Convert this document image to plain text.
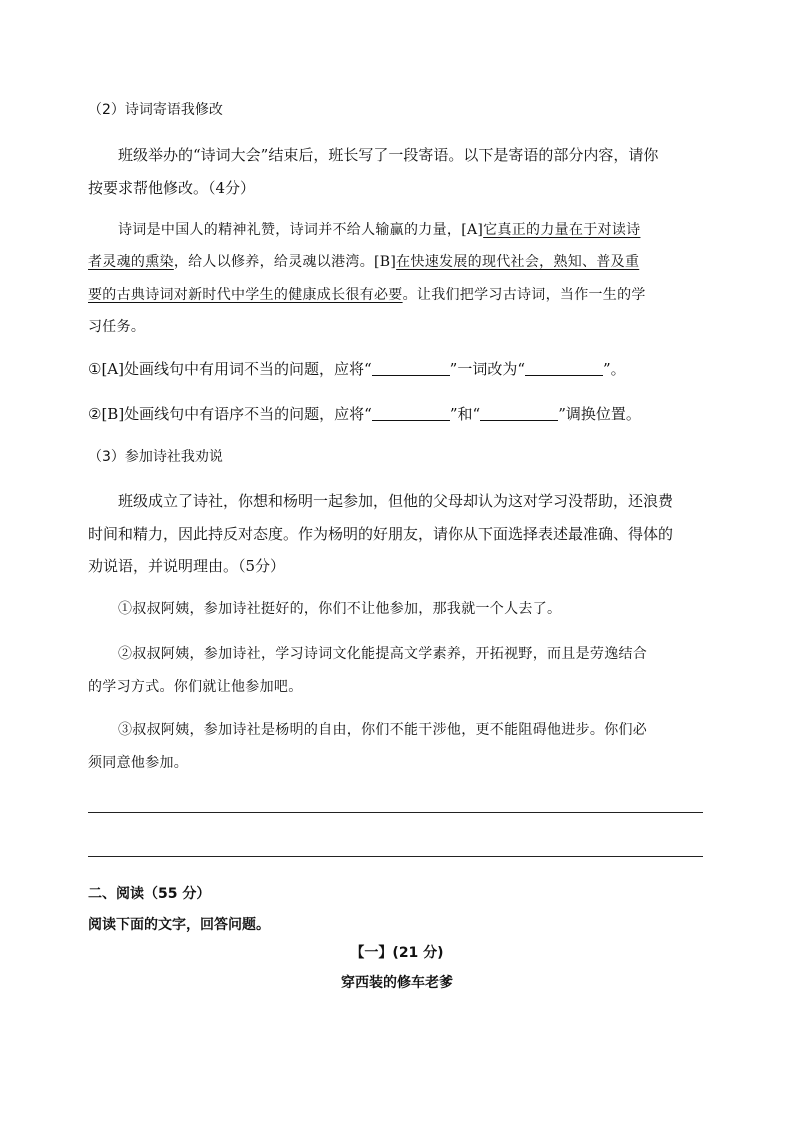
（2）诗词寄语我修改
班级举办的“诗词大会”结束后，班长写了一段寄语。以下是寄语的部分内容，请你
按要求帮他修改。（4分）
诗词是中国人的精神礼赞，诗词并不给人输赢的力量，[A]它真正的力量在于对读诗
者灵魂的熏染，给人以修养，给灵魂以港湾。[B]在快速发展的现代社会，熟知、普及重
要的古典诗词对新时代中学生的健康成长很有必要。让我们把学习古诗词，当作一生的学
习任务。
①[A]处画线句中有用词不当的问题，应将“	”一词改为“	”。
②[B]处画线句中有语序不当的问题，应将“	”和“	”调换位置。
（3）参加诗社我劝说
班级成立了诗社，你想和杨明一起参加，但他的父母却认为这对学习没帮助，还浪费
时间和精力，因此持反对态度。作为杨明的好朋友，请你从下面选择表述最准确、得体的
劝说语，并说明理由。（5分）
①叔叔阿姨，参加诗社挺好的，你们不让他参加，那我就一个人去了。
②叔叔阿姨，参加诗社，学习诗词文化能提高文学素养，开拓视野，而且是劳逸结合
的学习方式。你们就让他参加吧。
③叔叔阿姨，参加诗社是杨明的自由，你们不能干涉他，更不能阻碍他进步。你们必
须同意他参加。
二、阅读（55 分）
阅读下面的文字，回答问题。
【一】(21 分)
穿西装的修车老爹
